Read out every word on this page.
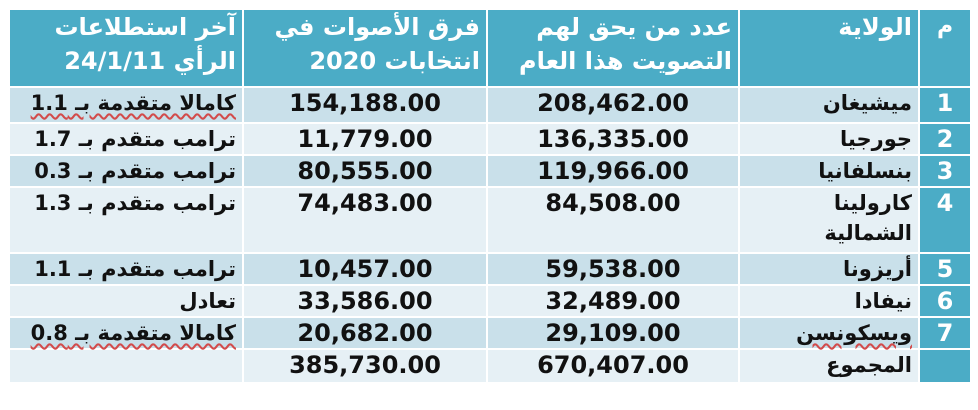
م	الولاية	عدد من يحق لهم التصويت هذا العام	فرق الأصوات في انتخابات 2020	آخر استطلاعات الرأي 24/1/11
1	ميشيغان	208,462.00	154,188.00	كامالا متقدمة بـ 1.1
2	جورجيا	136,335.00	11,779.00	ترامب متقدم بـ 1.7
3	بنسلفانيا	119,966.00	80,555.00	ترامب متقدم بـ 0.3
4	كارولينا الشمالية	84,508.00	74,483.00	ترامب متقدم بـ 1.3
5	أريزونا	59,538.00	10,457.00	ترامب متقدم بـ 1.1
6	نيفادا	32,489.00	33,586.00	تعادل
7	ويسكونسن	29,109.00	20,682.00	كامالا متقدمة بـ 0.8
	المجموع	670,407.00	385,730.00	
